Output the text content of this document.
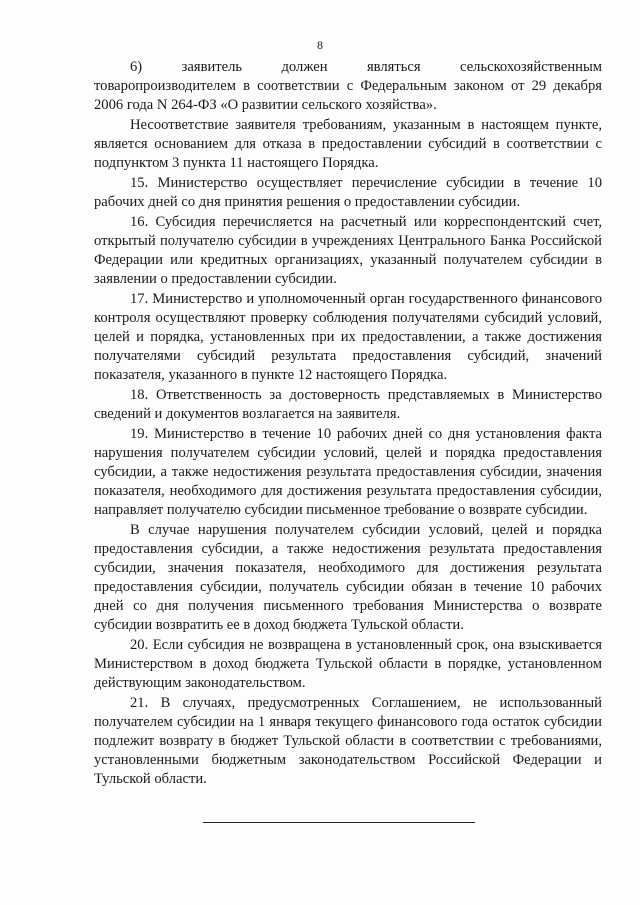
8

6) заявитель должен являться сельскохозяйственным товаропроизводителем в соответствии с Федеральным законом от 29 декабря 2006 года N 264-ФЗ «О развитии сельского хозяйства».

Несоответствие заявителя требованиям, указанным в настоящем пункте, является основанием для отказа в предоставлении субсидий в соответствии с подпунктом 3 пункта 11 настоящего Порядка.

15. Министерство осуществляет перечисление субсидии в течение 10 рабочих дней со дня принятия решения о предоставлении субсидии.

16. Субсидия перечисляется на расчетный или корреспондентский счет, открытый получателю субсидии в учреждениях Центрального Банка Российской Федерации или кредитных организациях, указанный получателем субсидии в заявлении о предоставлении субсидии.

17. Министерство и уполномоченный орган государственного финансового контроля осуществляют проверку соблюдения получателями субсидий условий, целей и порядка, установленных при их предоставлении, а также достижения получателями субсидий результата предоставления субсидий, значений показателя, указанного в пункте 12 настоящего Порядка.

18. Ответственность за достоверность представляемых в Министерство сведений и документов возлагается на заявителя.

19. Министерство в течение 10 рабочих дней со дня установления факта нарушения получателем субсидии условий, целей и порядка предоставления субсидии, а также недостижения результата предоставления субсидии, значения показателя, необходимого для достижения результата предоставления субсидии, направляет получателю субсидии письменное требование о возврате субсидии.

В случае нарушения получателем субсидии условий, целей и порядка предоставления субсидии, а также недостижения результата предоставления субсидии, значения показателя, необходимого для достижения результата предоставления субсидии, получатель субсидии обязан в течение 10 рабочих дней со дня получения письменного требования Министерства о возврате субсидии возвратить ее в доход бюджета Тульской области.

20. Если субсидия не возвращена в установленный срок, она взыскивается Министерством в доход бюджета Тульской области в порядке, установленном действующим законодательством.

21. В случаях, предусмотренных Соглашением, не использованный получателем субсидии на 1 января текущего финансового года остаток субсидии подлежит возврату в бюджет Тульской области в соответствии с требованиями, установленными бюджетным законодательством Российской Федерации и Тульской области.
